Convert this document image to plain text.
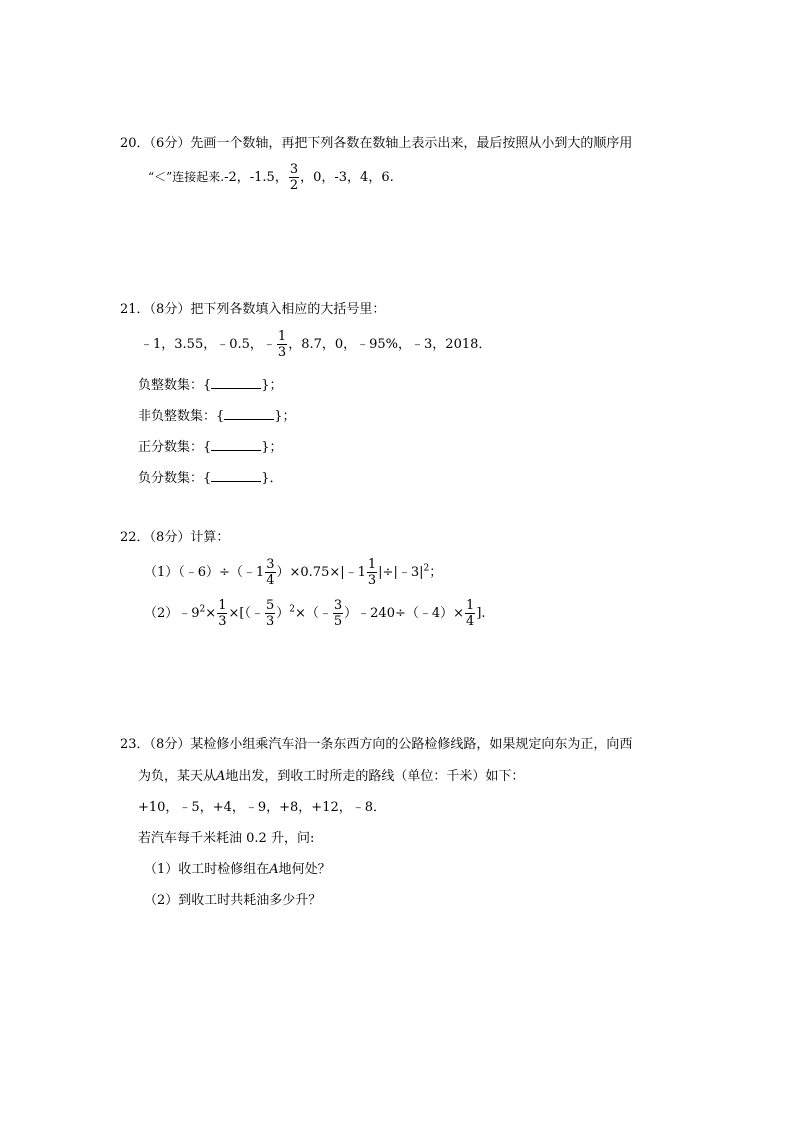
20．（6分）先画一个数轴，再把下列各数在数轴上表示出来，最后按照从小到大的顺序用
“＜”连接起来.-2，-1.5， $\frac{3}{2}$ ，0，-3，4，6.
21．（8分）把下列各数填入相应的大括号里：
﹣1，3.55，﹣0.5，﹣ $\frac{1}{3}$ ，8.7，0，﹣95%，﹣3，2018．
负整数集：{	}；
非负整数集：{	}；
正分数集：{	}；
负分数集：{	}．
22．（8分）计算：
（1）（﹣6）÷（﹣1 $\frac{3}{4}$ ）×0.75×|﹣1 $\frac{1}{3}$ $|\div|﹣3|^2$；
$(2)﹣9^2\times \frac{1}{3}$ ×[（﹣ $\frac{5}{3}$ ）$^2$×（﹣ $\frac{3}{5}$ ）﹣240÷（﹣4）× $\frac{1}{4}$ ].
23．（8分）某检修小组乘汽车沿一条东西方向的公路检修线路，如果规定向东为正，向西
为负，某天从A地出发，到收工时所走的路线（单位：千米）如下：
+10，﹣5，+4，﹣9，+8，+12，﹣8．
若汽车每千米耗油 0.2 升，问:
（1）收工时检修组在A地何处？
（2）到收工时共耗油多少升？
